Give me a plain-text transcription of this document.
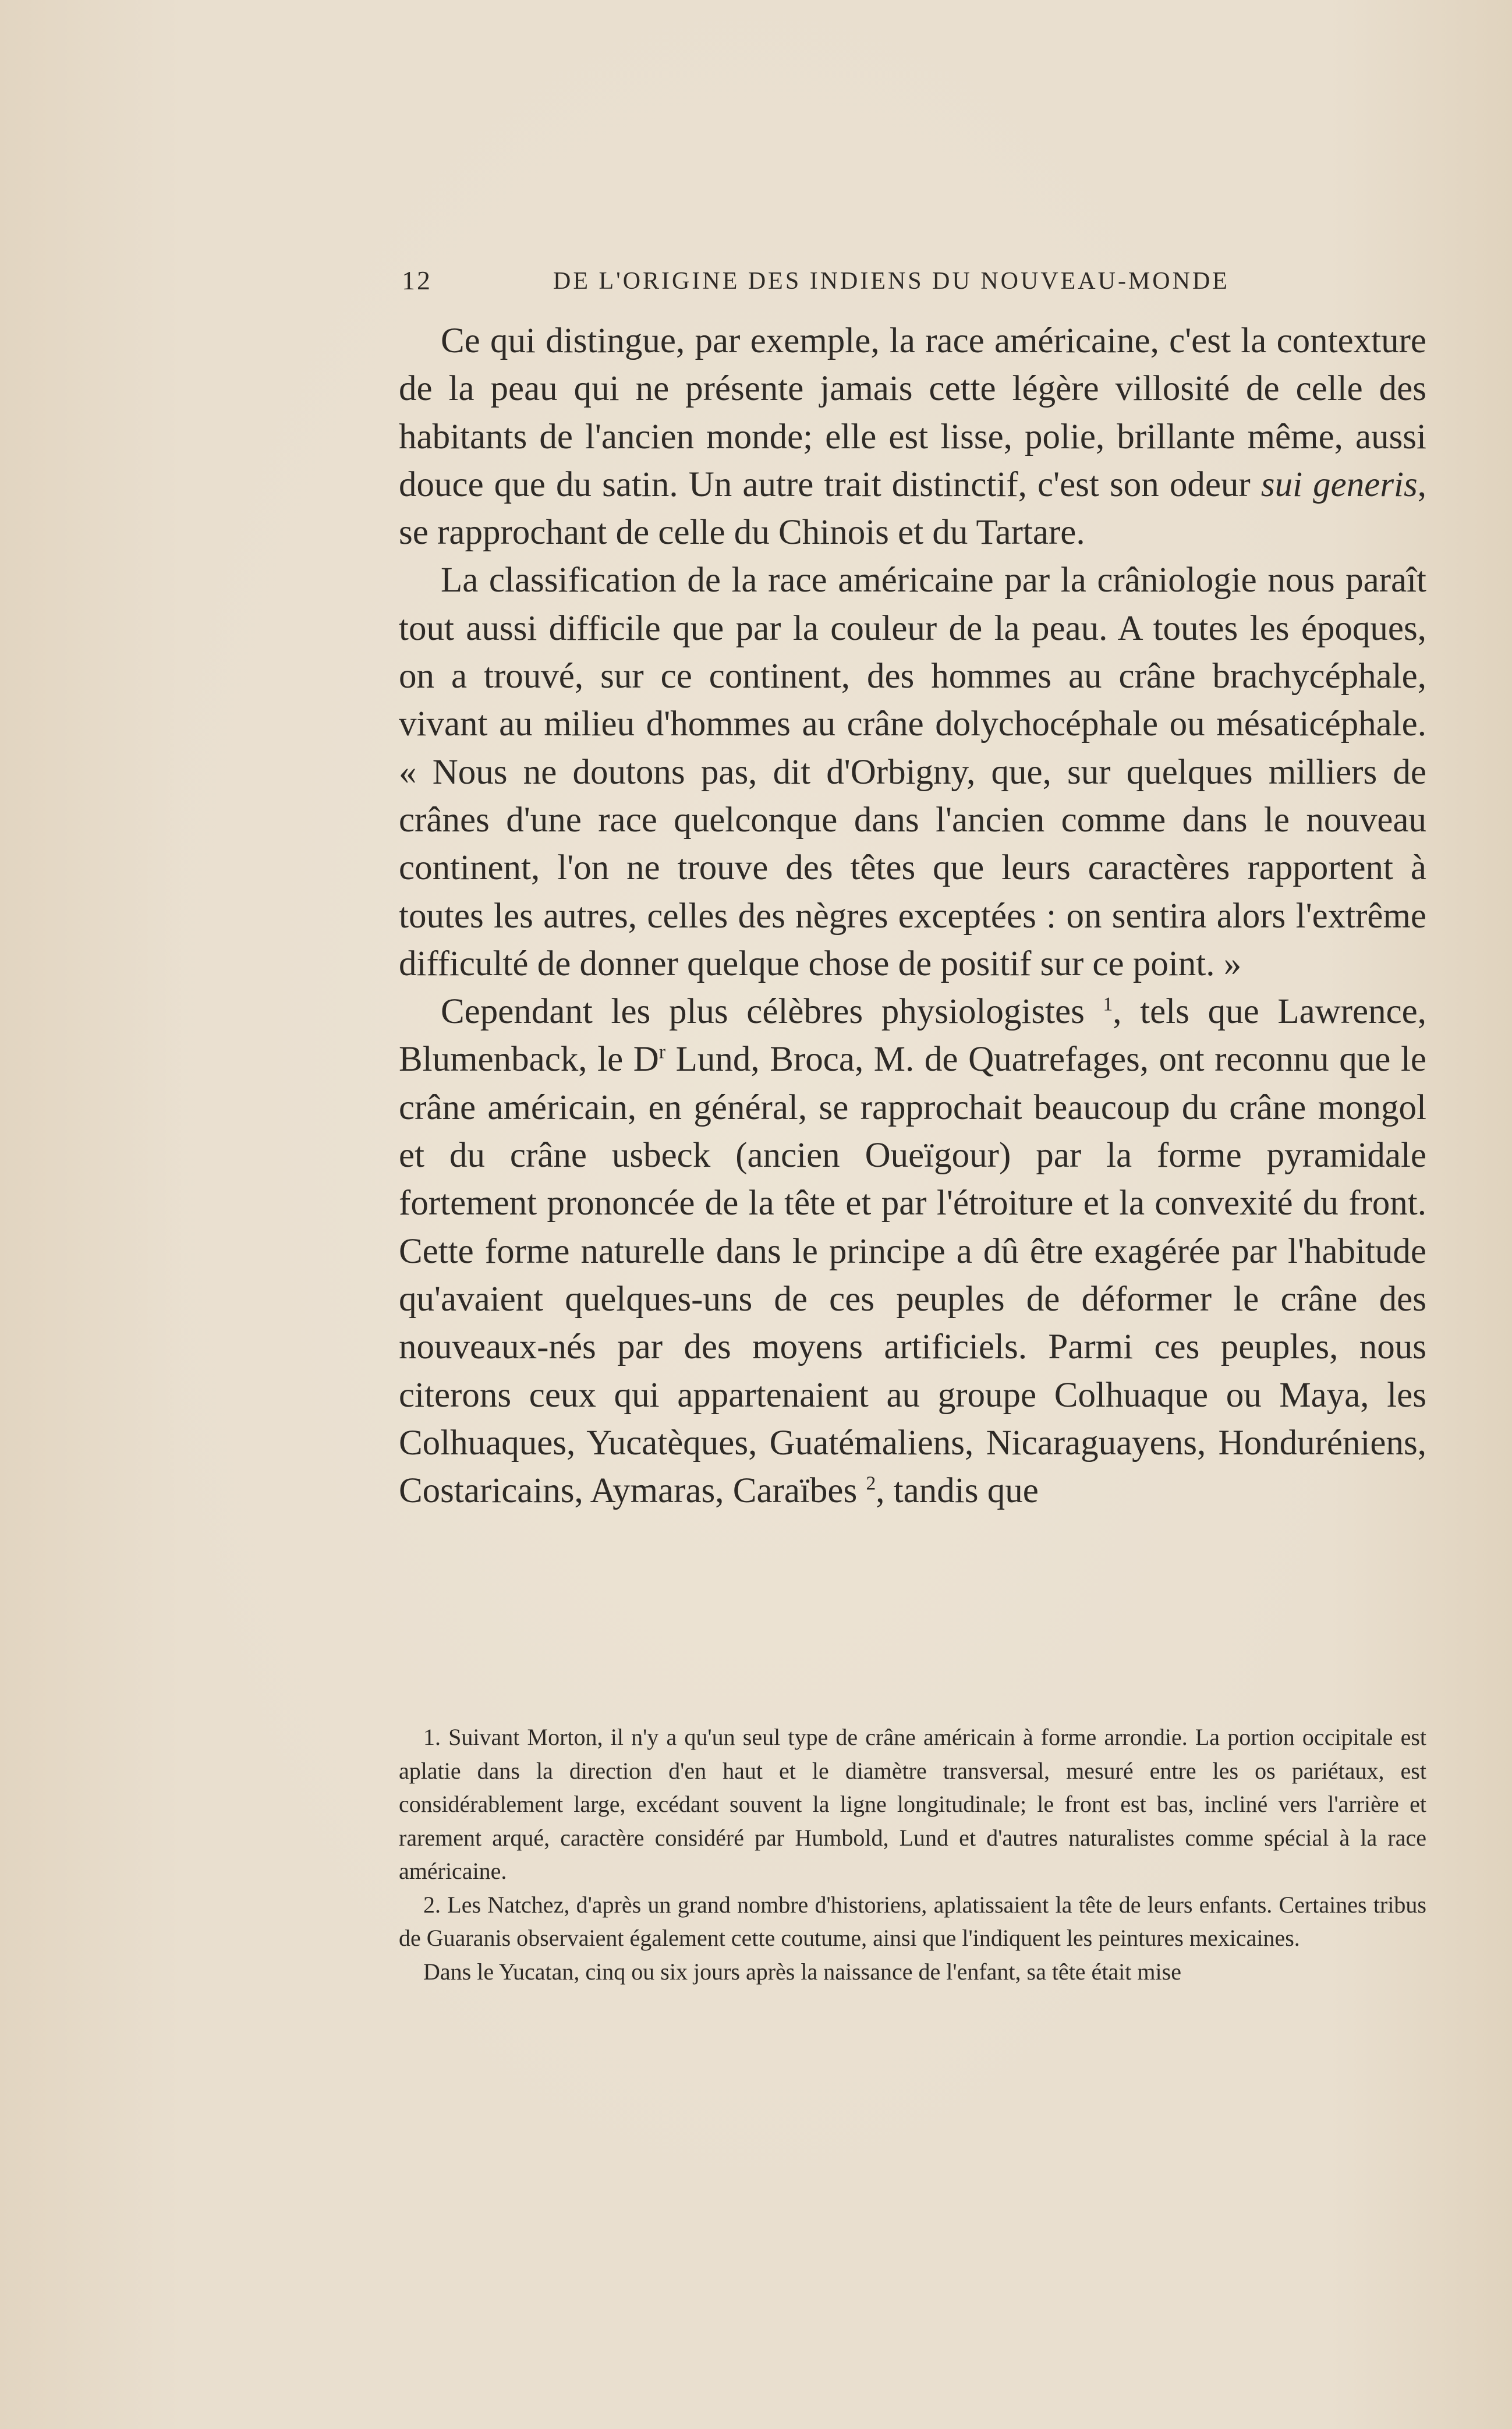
12	DE L'ORIGINE DES INDIENS DU NOUVEAU-MONDE

Ce qui distingue, par exemple, la race américaine, c'est la contexture de la peau qui ne présente jamais cette légère villosité de celle des habitants de l'ancien monde; elle est lisse, polie, brillante même, aussi douce que du satin. Un autre trait distinctif, c'est son odeur sui generis, se rapprochant de celle du Chinois et du Tartare.

La classification de la race américaine par la crâniologie nous paraît tout aussi difficile que par la couleur de la peau. A toutes les époques, on a trouvé, sur ce continent, des hommes au crâne brachycéphale, vivant au milieu d'hommes au crâne dolychocéphale ou mésaticéphale. « Nous ne doutons pas, dit d'Orbigny, que, sur quelques milliers de crânes d'une race quelconque dans l'ancien comme dans le nouveau continent, l'on ne trouve des têtes que leurs caractères rapportent à toutes les autres, celles des nègres exceptées : on sentira alors l'extrême difficulté de donner quelque chose de positif sur ce point. »

Cependant les plus célèbres physiologistes $^1$, tels que Lawrence, Blumenback, le $D^r$ Lund, Broca, M. de Quatrefages, ont reconnu que le crâne américain, en général, se rapprochait beaucoup du crâne mongol et du crâne usbeck (ancien Oueïgour) par la forme pyramidale fortement prononcée de la tête et par l'étroiture et la convexité du front. Cette forme naturelle dans le principe a dû être exagérée par l'habitude qu'avaient quelques-uns de ces peuples de déformer le crâne des nouveaux-nés par des moyens artificiels. Parmi ces peuples, nous citerons ceux qui appartenaient au groupe Colhuaque ou Maya, les Colhuaques, Yucatèques, Guatémaliens, Nicaraguayens, Honduréniens, Costaricains, Aymaras, Caraïbes $^2$, tandis que

1. Suivant Morton, il n'y a qu'un seul type de crâne américain à forme arrondie. La portion occipitale est aplatie dans la direction d'en haut et le diamètre transversal, mesuré entre les os pariétaux, est considérablement large, excédant souvent la ligne longitudinale; le front est bas, incliné vers l'arrière et rarement arqué, caractère considéré par Humbold, Lund et d'autres naturalistes comme spécial à la race américaine.

2. Les Natchez, d'après un grand nombre d'historiens, aplatissaient la tête de leurs enfants. Certaines tribus de Guaranis observaient également cette coutume, ainsi que l'indiquent les peintures mexicaines.

Dans le Yucatan, cinq ou six jours après la naissance de l'enfant, sa tête était mise
